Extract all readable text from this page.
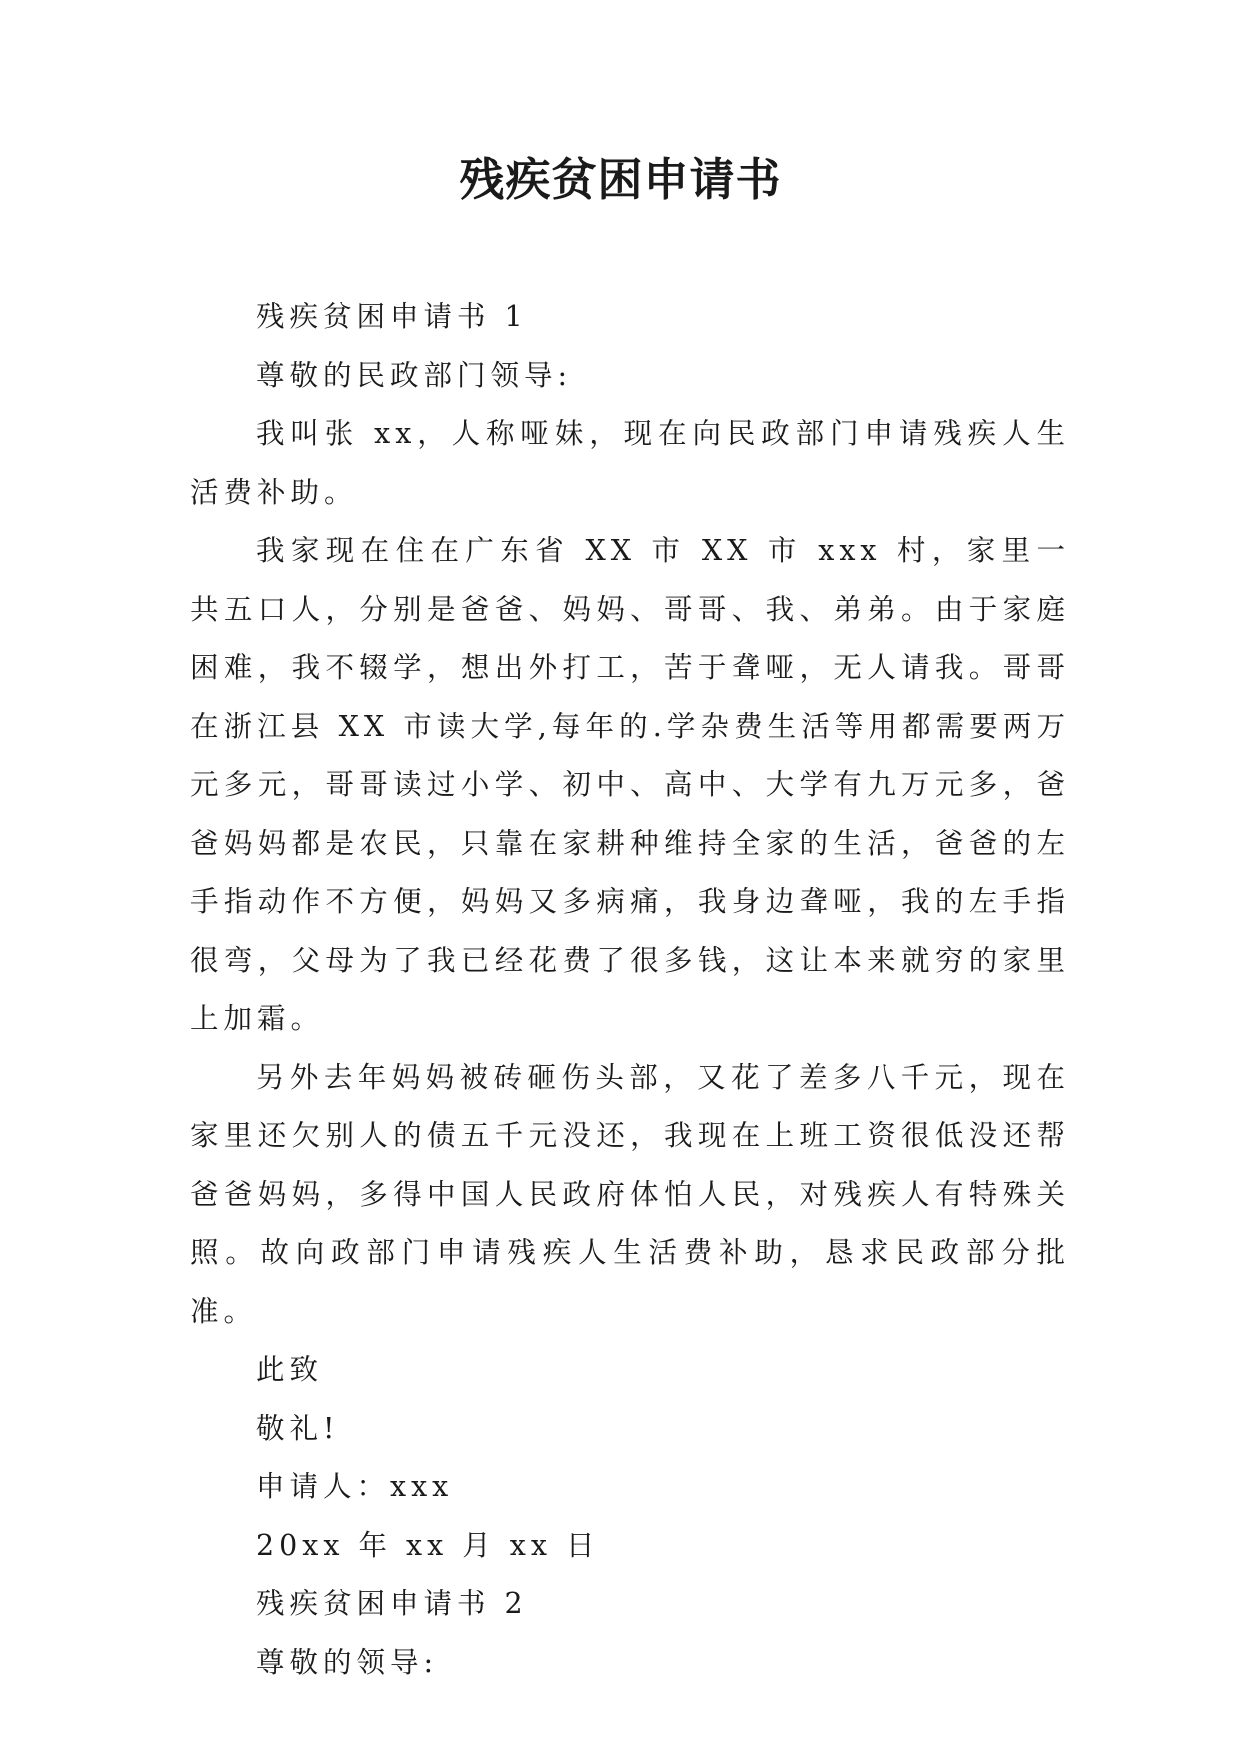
残疾贫困申请书

残疾贫困申请书 1

尊敬的民政部门领导:

我叫张 xx，人称哑妹，现在向民政部门申请残疾人生活费补助。

我家现在住在广东省 XX 市 XX 市 xxx 村，家里一共五口人，分别是爸爸、妈妈、哥哥、我、弟弟。由于家庭困难，我不辍学，想出外打工，苦于聋哑，无人请我。哥哥在浙江县 XX 市读大学,每年的.学杂费生活等用都需要两万元多元，哥哥读过小学、初中、高中、大学有九万元多，爸爸妈妈都是农民，只靠在家耕种维持全家的生活，爸爸的左手指动作不方便，妈妈又多病痛，我身边聋哑，我的左手指很弯，父母为了我已经花费了很多钱，这让本来就穷的家里上加霜。

另外去年妈妈被砖砸伤头部，又花了差多八千元，现在家里还欠别人的债五千元没还，我现在上班工资很低没还帮爸爸妈妈，多得中国人民政府体怕人民，对残疾人有特殊关照。故向政部门申请残疾人生活费补助，恳求民政部分批准。

此致

敬礼!

申请人：xxx

20xx 年 xx 月 xx 日

残疾贫困申请书 2

尊敬的领导:
